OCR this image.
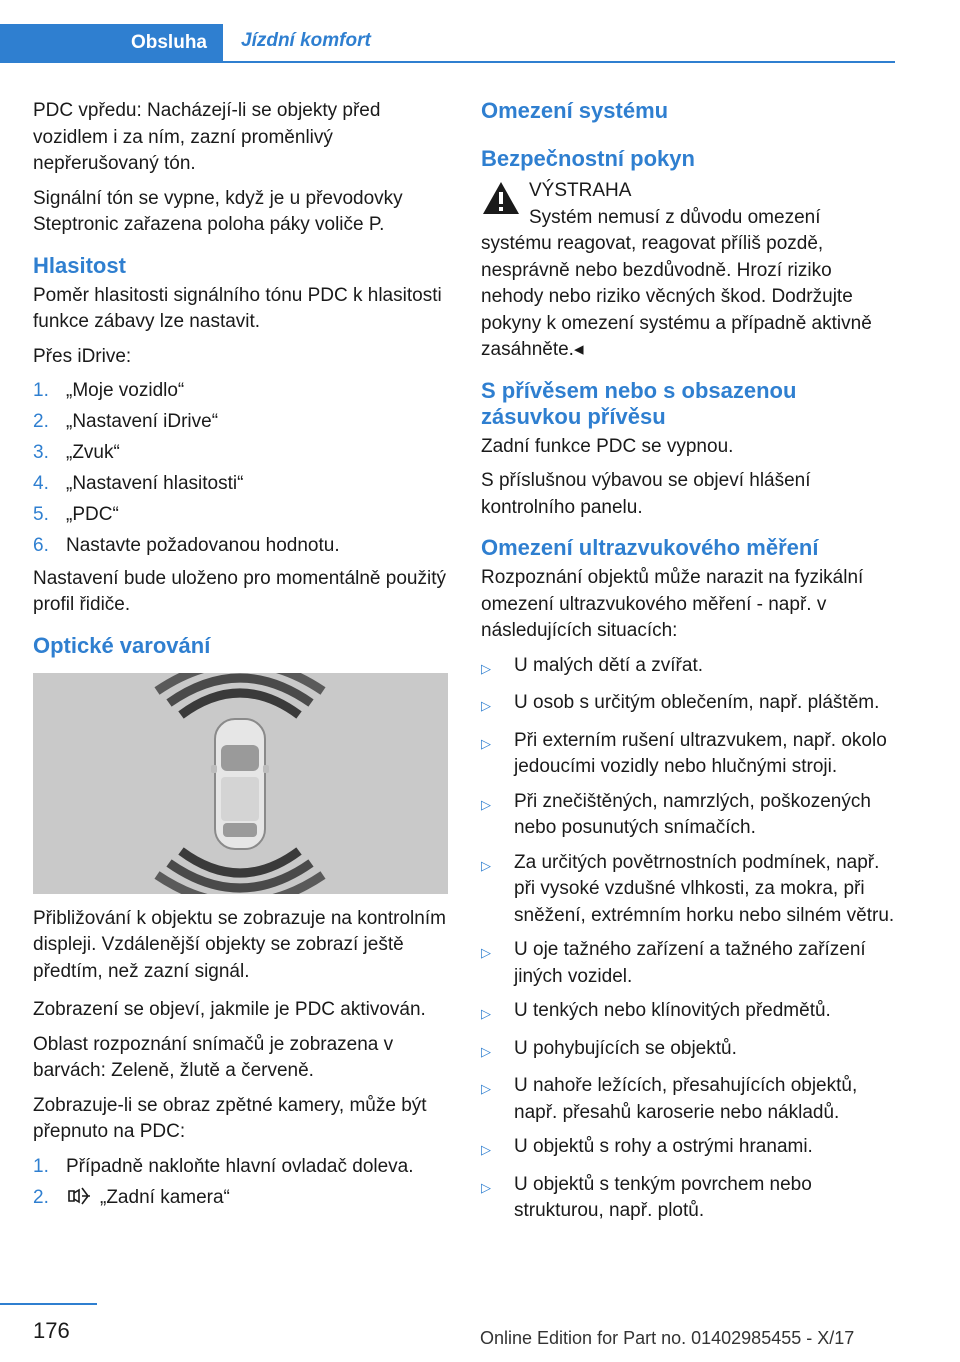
Obsluha	Jízdní komfort

PDC vpředu: Nacházejí-li se objekty před vozidlem i za ním, zazní proměnlivý nepřerušovaný tón.

Signální tón se vypne, když je u převodovky Steptronic zařazena poloha páky voliče P.

Hlasitost

Poměr hlasitosti signálního tónu PDC k hlasitosti funkce zábavy lze nastavit.

Přes iDrive:

1. „Moje vozidlo“
2. „Nastavení iDrive“
3. „Zvuk“
4. „Nastavení hlasitosti“
5. „PDC“
6. Nastavte požadovanou hodnotu.

Nastavení bude uloženo pro momentálně použitý profil řidiče.

Optické varování

Přibližování k objektu se zobrazuje na kontrolním displeji. Vzdálenější objekty se zobrazí ještě předtím, než zazní signál.

Zobrazení se objeví, jakmile je PDC aktivován.

Oblast rozpoznání snímačů je zobrazena v barvách: Zeleně, žlutě a červeně.

Zobrazuje-li se obraz zpětné kamery, může být přepnuto na PDC:

1. Případně nakloňte hlavní ovladač doleva.
2.	„Zadní kamera“
Omezení systému
Bezpečnostní pokyn

VÝSTRAHA

Systém nemusí z důvodu omezení systému reagovat, reagovat příliš pozdě, nesprávně nebo bezdůvodně. Hrozí riziko nehody nebo riziko věcných škod. Dodržujte pokyny k omezení systému a případně aktivně zasáhněte.◂

S přívěsem nebo s obsazenou zásuvkou přívěsu

Zadní funkce PDC se vypnou.

S příslušnou výbavou se objeví hlášení kontrolního panelu.

Omezení ultrazvukového měření

Rozpoznání objektů může narazit na fyzikální omezení ultrazvukového měření - např. v následujících situacích:

▷	U malých dětí a zvířat.
▷	U osob s určitým oblečením, např. pláštěm.
▷	Při externím rušení ultrazvukem, např. okolo jedoucími vozidly nebo hlučnými stroji.
▷	Při znečištěných, namrzlých, poškozených nebo posunutých snímačích.
▷	Za určitých povětrnostních podmínek, např. při vysoké vzdušné vlhkosti, za mokra, při sněžení, extrémním horku nebo silném větru.
▷	U oje tažného zařízení a tažného zařízení jiných vozidel.
▷	U tenkých nebo klínovitých předmětů.
▷	U pohybujících se objektů.
▷	U nahoře ležících, přesahujících objektů, např. přesahů karoserie nebo nákladů.
▷	U objektů s rohy a ostrými hranami.
▷	U objektů s tenkým povrchem nebo strukturou, např. plotů.
176	Online Edition for Part no. 01402985455 - X/17
